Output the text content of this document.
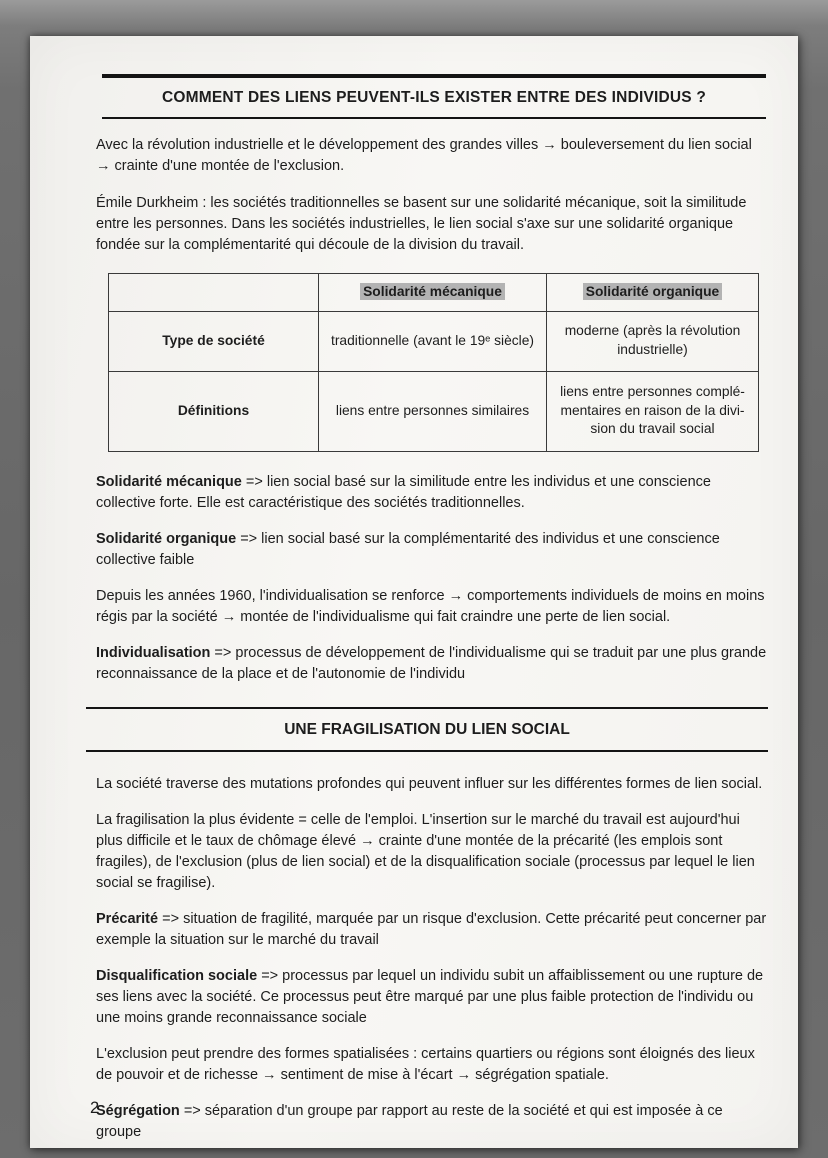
COMMENT DES LIENS PEUVENT-ILS EXISTER ENTRE DES INDIVIDUS ?

Avec la révolution industrielle et le développement des grandes villes → bouleversement du lien social → crainte d'une montée de l'exclusion.

Émile Durkheim : les sociétés traditionnelles se basent sur une solidarité mécanique, soit la similitude entre les personnes. Dans les sociétés industrielles, le lien social s'axe sur une solidarité organique fondée sur la complémentarité qui découle de la division du travail.

	Solidarité mécanique	Solidarité organique
Type de société	traditionnelle (avant le 19ᵉ siècle)	moderne (après la révolution industrielle)
Définitions	liens entre personnes similaires	liens entre personnes complé-mentaires en raison de la divi-sion du travail social

Solidarité mécanique => lien social basé sur la similitude entre les individus et une conscience collective forte. Elle est caractéristique des sociétés traditionnelles.

Solidarité organique => lien social basé sur la complémentarité des individus et une conscience collective faible

Depuis les années 1960, l'individualisation se renforce → comportements individuels de moins en moins régis par la société → montée de l'individualisme qui fait craindre une perte de lien social.

Individualisation => processus de développement de l'individualisme qui se traduit par une plus grande reconnaissance de la place et de l'autonomie de l'individu

UNE FRAGILISATION DU LIEN SOCIAL

La société traverse des mutations profondes qui peuvent influer sur les différentes formes de lien social.

La fragilisation la plus évidente = celle de l'emploi. L'insertion sur le marché du travail est aujourd'hui plus difficile et le taux de chômage élevé → crainte d'une montée de la précarité (les emplois sont fragiles), de l'exclusion (plus de lien social) et de la disqualification sociale (processus par lequel le lien social se fragilise).

Précarité => situation de fragilité, marquée par un risque d'exclusion. Cette précarité peut concerner par exemple la situation sur le marché du travail

Disqualification sociale => processus par lequel un individu subit un affaiblissement ou une rupture de ses liens avec la société. Ce processus peut être marqué par une plus faible protection de l'individu ou une moins grande reconnaissance sociale

L'exclusion peut prendre des formes spatialisées : certains quartiers ou régions sont éloignés des lieux de pouvoir et de richesse → sentiment de mise à l'écart → ségrégation spatiale.

Ségrégation => séparation d'un groupe par rapport au reste de la société et qui est imposée à ce groupe

2
